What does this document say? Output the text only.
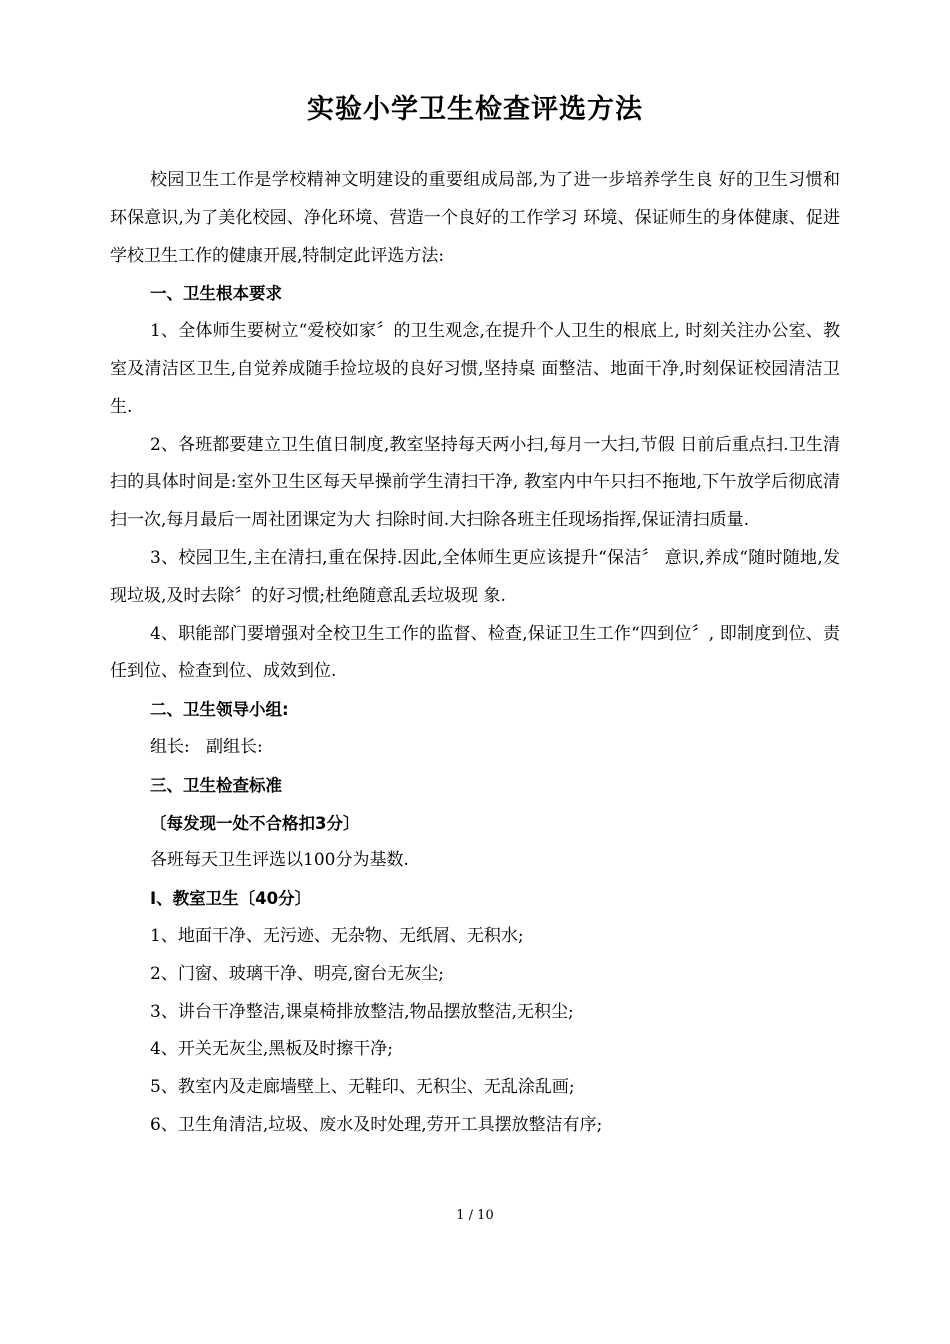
实验小学卫生检查评选方法

校园卫生工作是学校精神文明建设的重要组成局部,为了进一步培养学生良 好的卫生习惯和环保意识,为了美化校园、净化环境、营造一个良好的工作学习 环境、保证师生的身体健康、促进学校卫生工作的健康开展,特制定此评选方法:

一、卫生根本要求

1、全体师生要树立“爱校如家〞的卫生观念,在提升个人卫生的根底上, 时刻关注办公室、教室及清洁区卫生,自觉养成随手捡垃圾的良好习惯,坚持桌 面整洁、地面干净,时刻保证校园清洁卫生.

2、各班都要建立卫生值日制度,教室坚持每天两小扫,每月一大扫,节假 日前后重点扫.卫生清扫的具体时间是:室外卫生区每天早操前学生清扫干净, 教室内中午只扫不拖地,下午放学后彻底清扫一次,每月最后一周社团课定为大 扫除时间.大扫除各班主任现场指挥,保证清扫质量.

3、校园卫生,主在清扫,重在保持.因此,全体师生更应该提升“保洁〞 意识,养成“随时随地,发现垃圾,及时去除〞的好习惯;杜绝随意乱丢垃圾现 象.

4、职能部门要增强对全校卫生工作的监督、检查,保证卫生工作“四到位〞, 即制度到位、责任到位、检查到位、成效到位.

二、卫生领导小组:

组长:   副组长:

三、卫生检查标准

〔每发现一处不合格扣3分〕

各班每天卫生评选以100分为基数.

I、教室卫生〔40分〕

1、地面干净、无污迹、无杂物、无纸屑、无积水;

2、门窗、玻璃干净、明亮,窗台无灰尘;

3、讲台干净整洁,课桌椅排放整洁,物品摆放整洁,无积尘;

4、开关无灰尘,黑板及时擦干净;

5、教室内及走廊墙壁上、无鞋印、无积尘、无乱涂乱画;

6、卫生角清洁,垃圾、废水及时处理,劳开工具摆放整洁有序;

1 / 10
